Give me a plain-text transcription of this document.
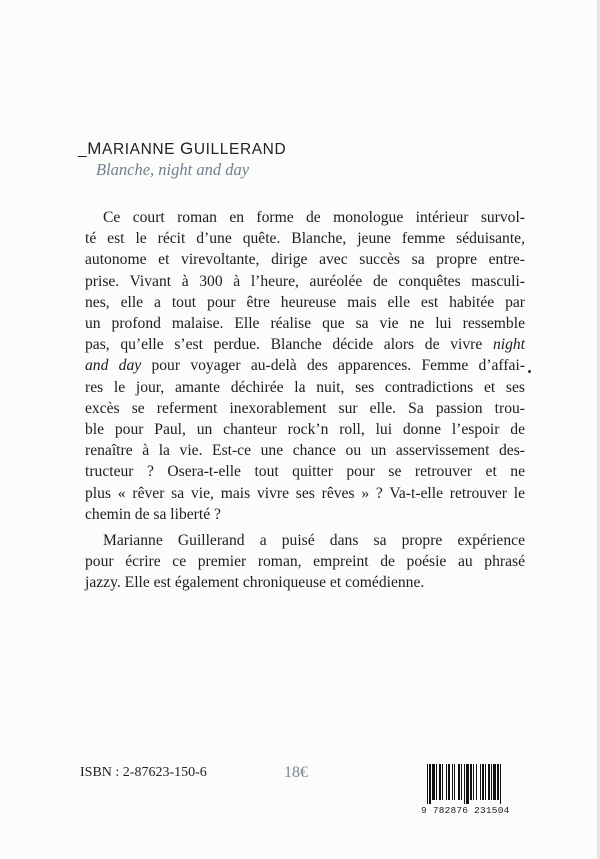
_MARIANNE GUILLERAND
Blanche, night and day
Ce court roman en forme de monologue intérieur survol-
té est le récit d’une quête. Blanche, jeune femme séduisante,
autonome et virevoltante, dirige avec succès sa propre entre-
prise. Vivant à 300 à l’heure, auréolée de conquêtes masculi-
nes, elle a tout pour être heureuse mais elle est habitée par
un profond malaise. Elle réalise que sa vie ne lui ressemble
pas, qu’elle s’est perdue. Blanche décide alors de vivre night
and day pour voyager au-delà des apparences. Femme d’affai-
res le jour, amante déchirée la nuit, ses contradictions et ses
excès se referment inexorablement sur elle. Sa passion trou-
ble pour Paul, un chanteur rock’n roll, lui donne l’espoir de
renaître à la vie. Est-ce une chance ou un asservissement des-
tructeur ? Osera-t-elle tout quitter pour se retrouver et ne
plus « rêver sa vie, mais vivre ses rêves » ? Va-t-elle retrouver le
chemin de sa liberté ?
Marianne Guillerand a puisé dans sa propre expérience
pour écrire ce premier roman, empreint de poésie au phrasé
jazzy. Elle est également chroniqueuse et comédienne.
ISBN : 2-87623-150-6	18€
9 782876 231504
